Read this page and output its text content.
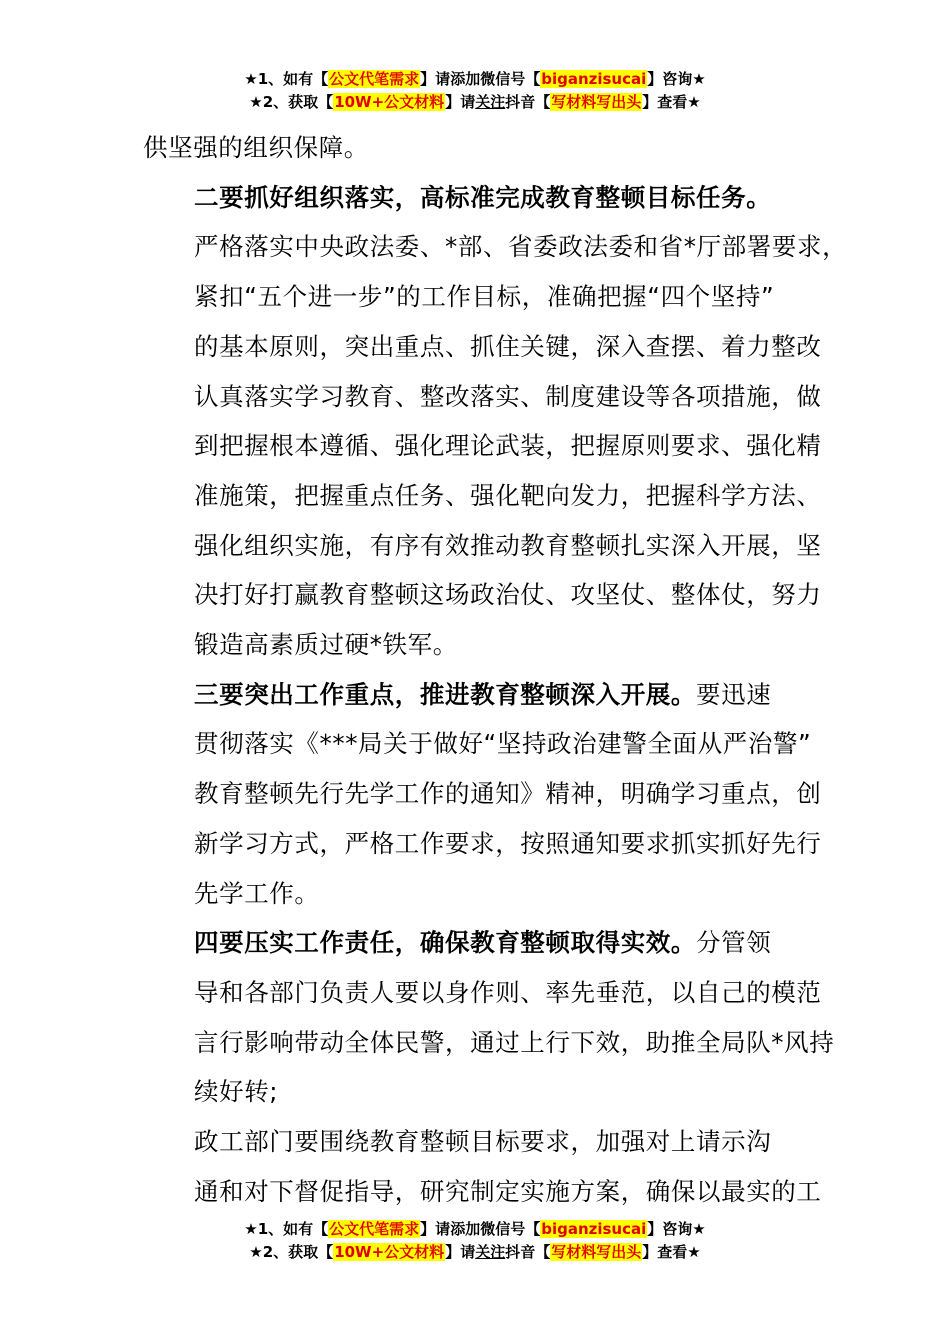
★1、如有【公文代笔需求】请添加微信号【biganzisucai】咨询★
★2、获取【10W+公文材料】请关注抖音【写材料写出头】查看★

供坚强的组织保障。

二要抓好组织落实，高标准完成教育整顿目标任务。
严格落实中央政法委、*部、省委政法委和省*厅部署要求，
紧扣“五个进一步”的工作目标，准确把握“四个坚持”
的基本原则，突出重点、抓住关键，深入查摆、着力整改
认真落实学习教育、整改落实、制度建设等各项措施，做
到把握根本遵循、强化理论武装，把握原则要求、强化精
准施策，把握重点任务、强化靶向发力，把握科学方法、
强化组织实施，有序有效推动教育整顿扎实深入开展，坚
决打好打赢教育整顿这场政治仗、攻坚仗、整体仗，努力
锻造高素质过硬*铁军。

三要突出工作重点，推进教育整顿深入开展。要迅速
贯彻落实《***局关于做好“坚持政治建警全面从严治警”
教育整顿先行先学工作的通知》精神，明确学习重点，创
新学习方式，严格工作要求，按照通知要求抓实抓好先行
先学工作。

四要压实工作责任，确保教育整顿取得实效。分管领
导和各部门负责人要以身作则、率先垂范，以自己的模范
言行影响带动全体民警，通过上行下效，助推全局队*风持
续好转;

政工部门要围绕教育整顿目标要求，加强对上请示沟
通和对下督促指导，研究制定实施方案，确保以最实的工

★1、如有【公文代笔需求】请添加微信号【biganzisucai】咨询★
★2、获取【10W+公文材料】请关注抖音【写材料写出头】查看★
